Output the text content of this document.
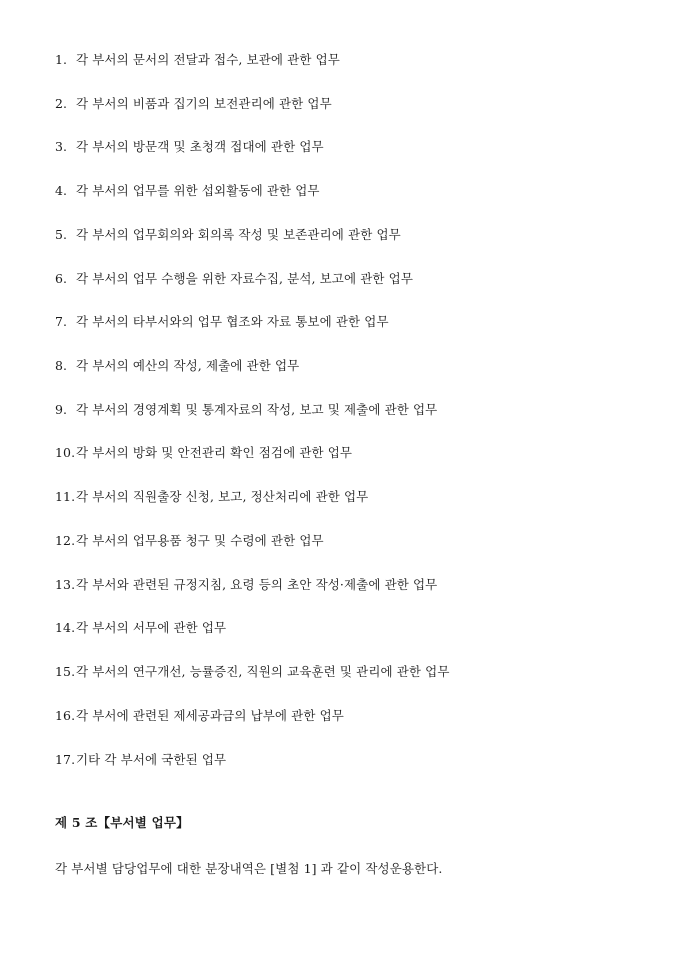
1. 각 부서의 문서의 전달과 접수, 보관에 관한 업무

2. 각 부서의 비품과 집기의 보전관리에 관한 업무

3. 각 부서의 방문객 및 초청객 접대에 관한 업무

4. 각 부서의 업무를 위한 섭외활동에 관한 업무

5. 각 부서의 업무회의와 회의록 작성 및 보존관리에 관한 업무

6. 각 부서의 업무 수행을 위한 자료수집, 분석, 보고에 관한 업무

7. 각 부서의 타부서와의 업무 협조와 자료 통보에 관한 업무

8. 각 부서의 예산의 작성, 제출에 관한 업무

9. 각 부서의 경영계획 및 통계자료의 작성, 보고 및 제출에 관한 업무

10.각 부서의 방화 및 안전관리 확인 점검에 관한 업무

11.각 부서의 직원출장 신청, 보고, 정산처리에 관한 업무

12.각 부서의 업무용품 청구 및 수령에 관한 업무

13.각 부서와 관련된 규정지침, 요령 등의 초안 작성·제출에 관한 업무

14.각 부서의 서무에 관한 업무

15.각 부서의 연구개선, 능률증진, 직원의 교육훈련 및 관리에 관한 업무

16.각 부서에 관련된 제세공과금의 납부에 관한 업무

17.기타 각 부서에 국한된 업무

제 5 조【부서별 업무】

각 부서별 담당업무에 대한 분장내역은 [별첨 1] 과 같이 작성운용한다.
